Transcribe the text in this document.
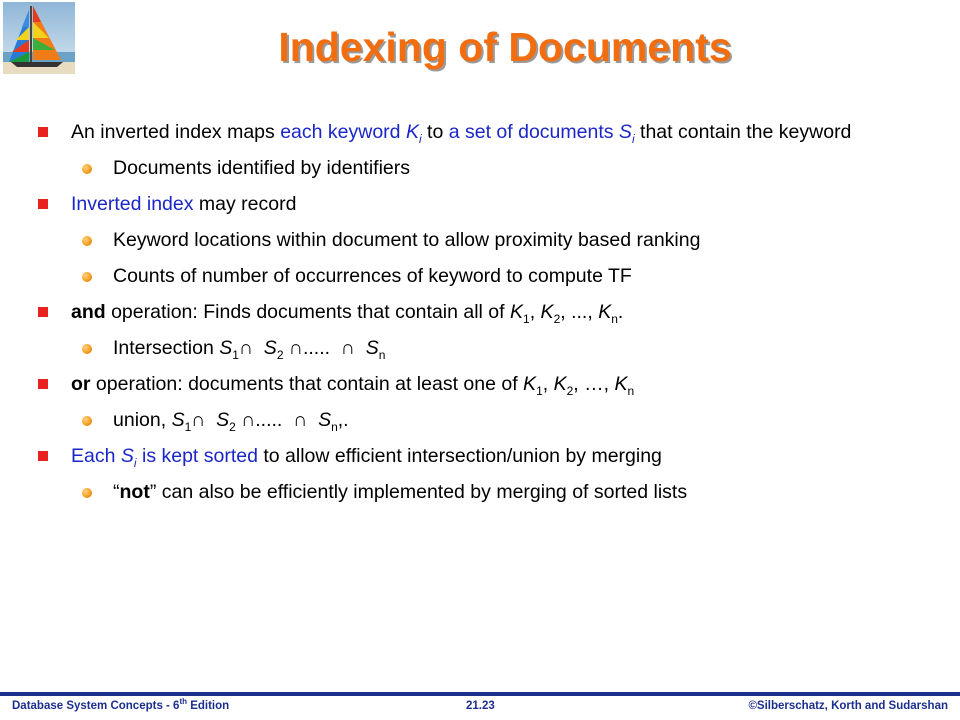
Indexing of Documents
An inverted index maps each keyword $K_i$ to a set of documents $S_i$ that contain the keyword
Documents identified by identifiers
Inverted index may record
Keyword locations within document to allow proximity based ranking
Counts of number of occurrences of keyword to compute TF
and operation: Finds documents that contain all of $K_1$, $K_2$, ..., $K_n$.
Intersection $S_1\cap$ $S_2$ ∩..... ∩ $S_n$
or operation: documents that contain at least one of $K_1$, $K_2$, …, $K_n$
union, $S_1\cap$ $S_2$ ∩..... ∩ $S_n$,.
Each $S_i$ is kept sorted to allow efficient intersection/union by merging
“not” can also be efficiently implemented by merging of sorted lists
Database System Concepts - 6th Edition	21.23	©Silberschatz, Korth and Sudarshan
